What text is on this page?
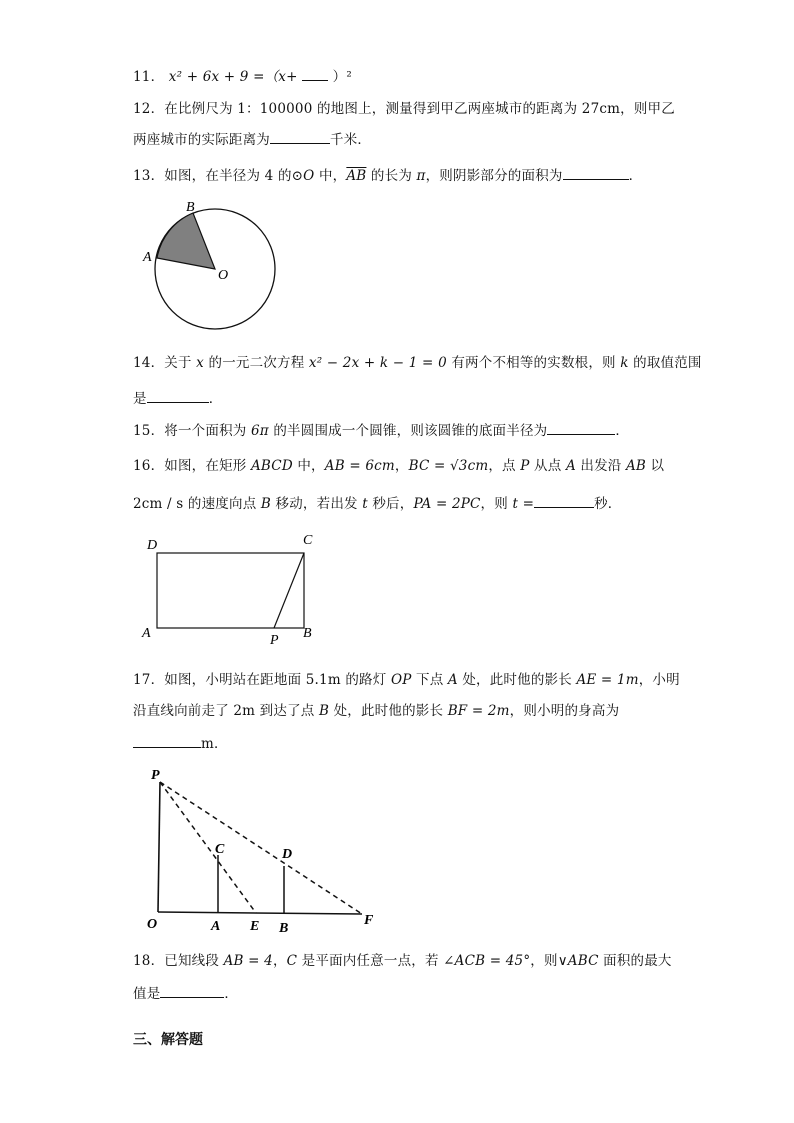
11． x² + 6x + 9 =（x+	）²
12．在比例尺为 1：100000 的地图上，测量得到甲乙两座城市的距离为 27cm，则甲乙
两座城市的实际距离为	千米．
13．如图，在半径为 4 的⊙O 中，$\overline{AB}$ 的长为 π，则阴影部分的面积为	．
B
A
O
14．关于 x 的一元二次方程 x² − 2x + k − 1 = 0 有两个不相等的实数根，则 k 的取值范围
是	．
15．将一个面积为 6π 的半圆围成一个圆锥，则该圆锥的底面半径为	．
16．如图，在矩形 ABCD 中，AB = 6cm，BC = √3cm，点 P 从点 A 出发沿 AB 以
2cm / s 的速度向点 B 移动，若出发 t 秒后，PA = 2PC，则 t =	秒．
D	C
A	P B
17．如图，小明站在距地面 5.1m 的路灯 OP 下点 A 处，此时他的影长 AE = 1m，小明
沿直线向前走了 2m 到达了点 B 处，此时他的影长 BF = 2m，则小明的身高为
m．
P
C	D
O	A E B
F
18．已知线段 AB = 4，C 是平面内任意一点，若 ∠ACB = 45°，则∨ABC 面积的最大
值是	．
三、解答题
